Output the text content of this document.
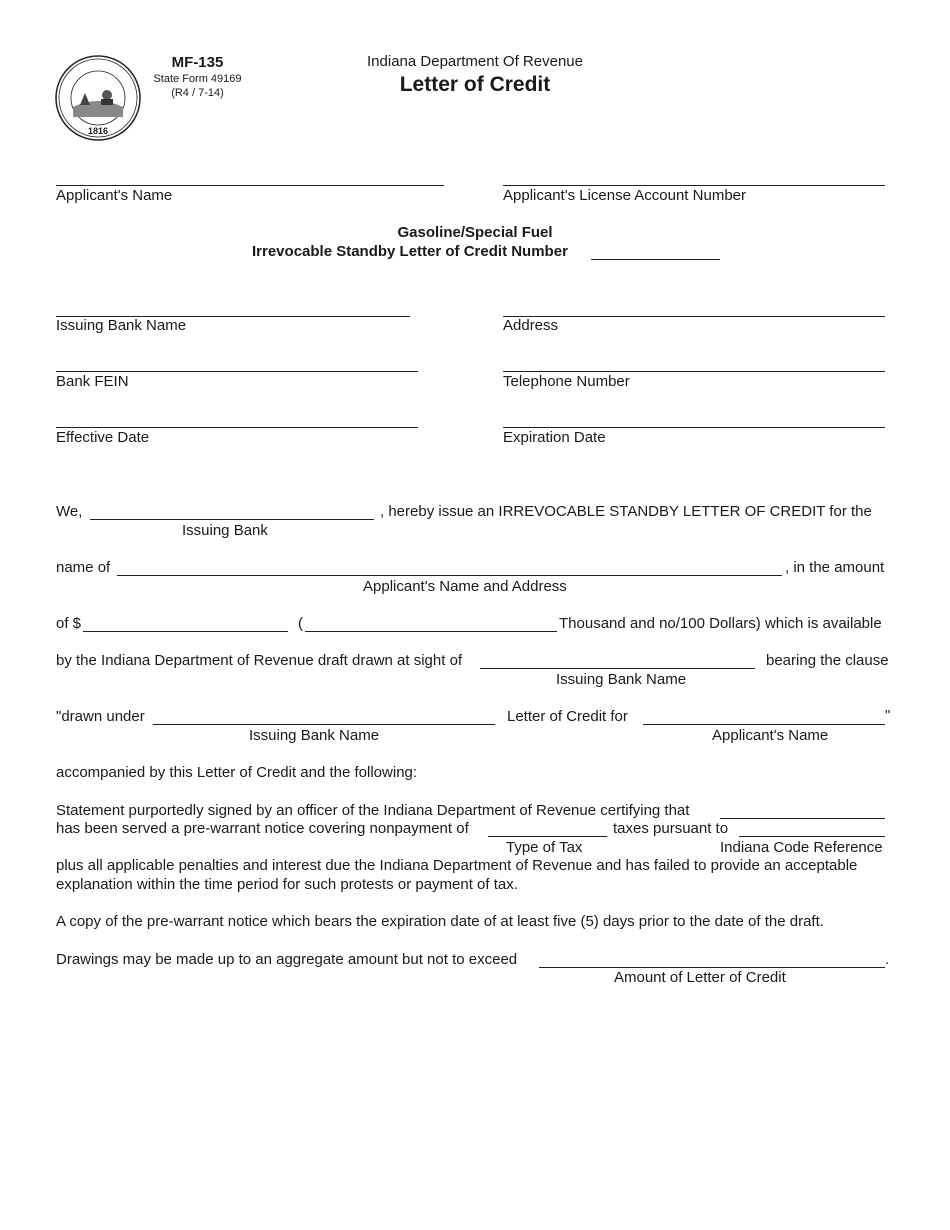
1816
MF-135
State Form 49169
(R4 / 7-14)
Indiana Department Of Revenue
Letter of Credit
Applicant's Name	Applicant's License Account Number
Gasoline/Special Fuel
Irrevocable Standby Letter of Credit Number
Issuing Bank Name	Address
Bank FEIN	Telephone Number
Effective Date	Expiration Date
We,	, hereby issue an IRREVOCABLE STANDBY LETTER OF CREDIT for the
Issuing Bank
name of	, in the amount
Applicant's Name and Address
of $	(	Thousand and no/100 Dollars) which is available
by the Indiana Department of Revenue draft drawn at sight of	bearing the clause
Issuing Bank Name
"drawn under	Letter of Credit for	"
Issuing Bank Name	Applicant's Name
accompanied by this Letter of Credit and the following:
Statement purportedly signed by an officer of the Indiana Department of Revenue certifying that
has been served a pre-warrant notice covering nonpayment of	taxes pursuant to
Type of Tax	Indiana Code Reference
plus all applicable penalties and interest due the Indiana Department of Revenue and has failed to provide an acceptable
explanation within the time period for such protests or payment of tax.
A copy of the pre-warrant notice which bears the expiration date of at least five (5) days prior to the date of the draft.
Drawings may be made up to an aggregate amount but not to exceed	.
Amount of Letter of Credit
